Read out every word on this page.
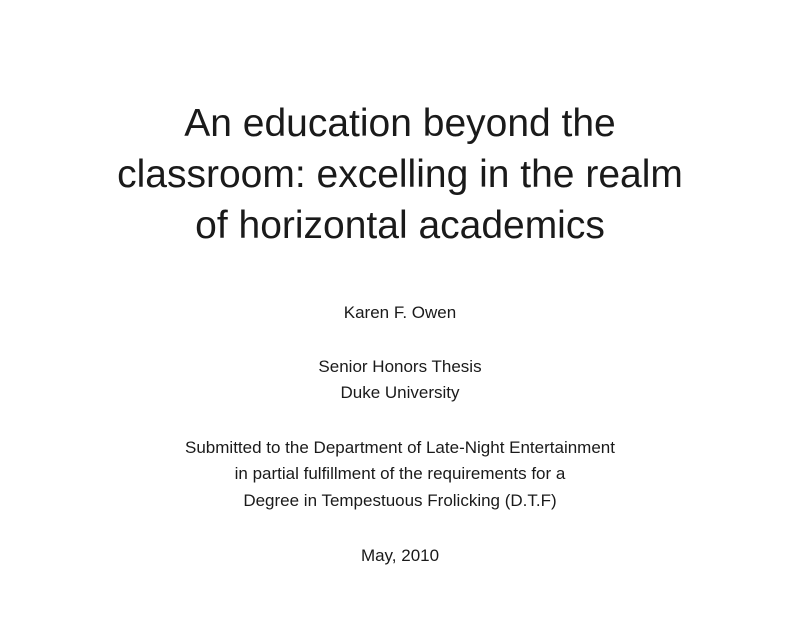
An education beyond the
classroom: excelling in the realm
of horizontal academics
Karen F. Owen
Senior Honors Thesis
Duke University
Submitted to the Department of Late-Night Entertainment
in partial fulfillment of the requirements for a
Degree in Tempestuous Frolicking (D.T.F)
May, 2010
